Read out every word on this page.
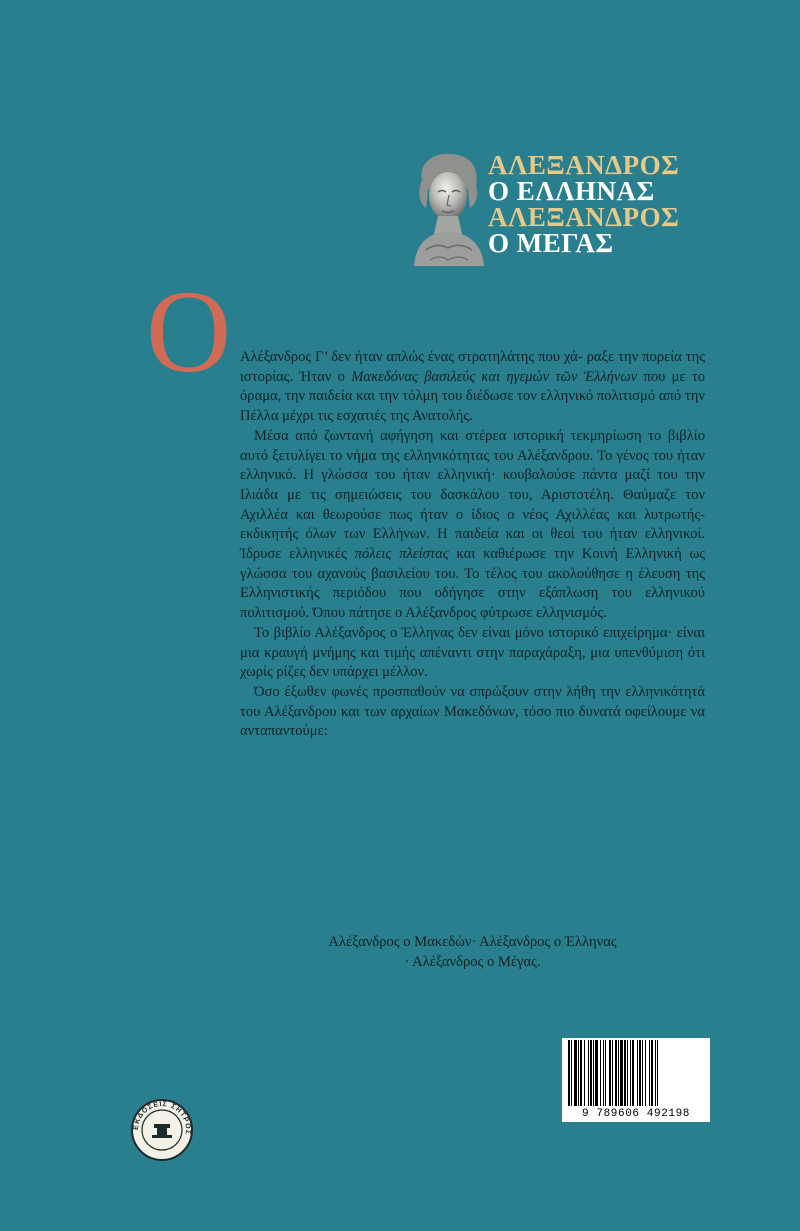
ΑΛΕΞΑΝΔΡΟΣ
Ο ΕΛΛΗΝΑΣ
ΑΛΕΞΑΝΔΡΟΣ
Ο ΜΕΓΑΣ
Ο Αλέξανδρος Γ’ δεν ήταν απλώς ένας στρατηλάτης που χά- ραξε την πορεία της ιστορίας. Ήταν ο Μακεδόνας βασιλεύς και ηγεμών τῶν Ἑλλήνων που με το όραμα, την παιδεία και την τόλμη του διέδωσε τον ελληνικό πολιτισμό από την Πέλλα μέχρι τις εσχατιές της Ανατολής.

Μέσα από ζωντανή αφήγηση και στέρεα ιστορική τεκμηρίωση το βιβλίο αυτό ξετυλίγει το νήμα της ελληνικότητας του Αλέξανδρου. Το γένος του ήταν ελληνικό. Η γλώσσα του ήταν ελληνική· κουβαλούσε πάντα μαζί του την Ιλιάδα με τις σημειώσεις του δασκάλου του, Αριστοτέλη. Θαύμαζε τον Αχιλλέα και θεωρούσε πως ήταν ο ίδιος ο νέος Αχιλλέας και λυτρωτής- εκδικητής όλων των Ελλήνων. Η παιδεία και οι θεοί του ήταν ελληνικοί. Ίδρυσε ελληνικές πόλεις πλείστας και καθιέρωσε την Κοινή Ελληνική ως γλώσσα του αχανούς βασιλείου του. Το τέλος του ακολούθησε η έλευση της Ελληνιστικής περιόδου που οδήγησε στην εξάπλωση του ελληνικού πολιτισμού. Όπου πάτησε ο Αλέξανδρος φύτρωσε ελληνισμός.

Το βιβλίο Αλέξανδρος ο Έλληνας δεν είναι μόνο ιστορικό επιχείρημα· είναι μια κραυγή μνήμης και τιμής απέναντι στην παραχάραξη, μια υπενθύμιση ότι χωρίς ρίζες δεν υπάρχει μέλλον.

Όσο έξωθεν φωνές προσπαθούν να σπρώξουν στην λήθη την ελληνικότητά του Αλέξανδρου και των αρχαίων Μακεδόνων, τόσο πιο δυνατά οφείλουμε να ανταπαντούμε:

Αλέξανδρος ο Μακεδών· Αλέξανδρος ο Έλληνας
· Αλέξανδρος ο Μέγας.
9 789606 492198
ΕΚΔΟΣΕΙΣ ΣΗΤΡΟΣ
